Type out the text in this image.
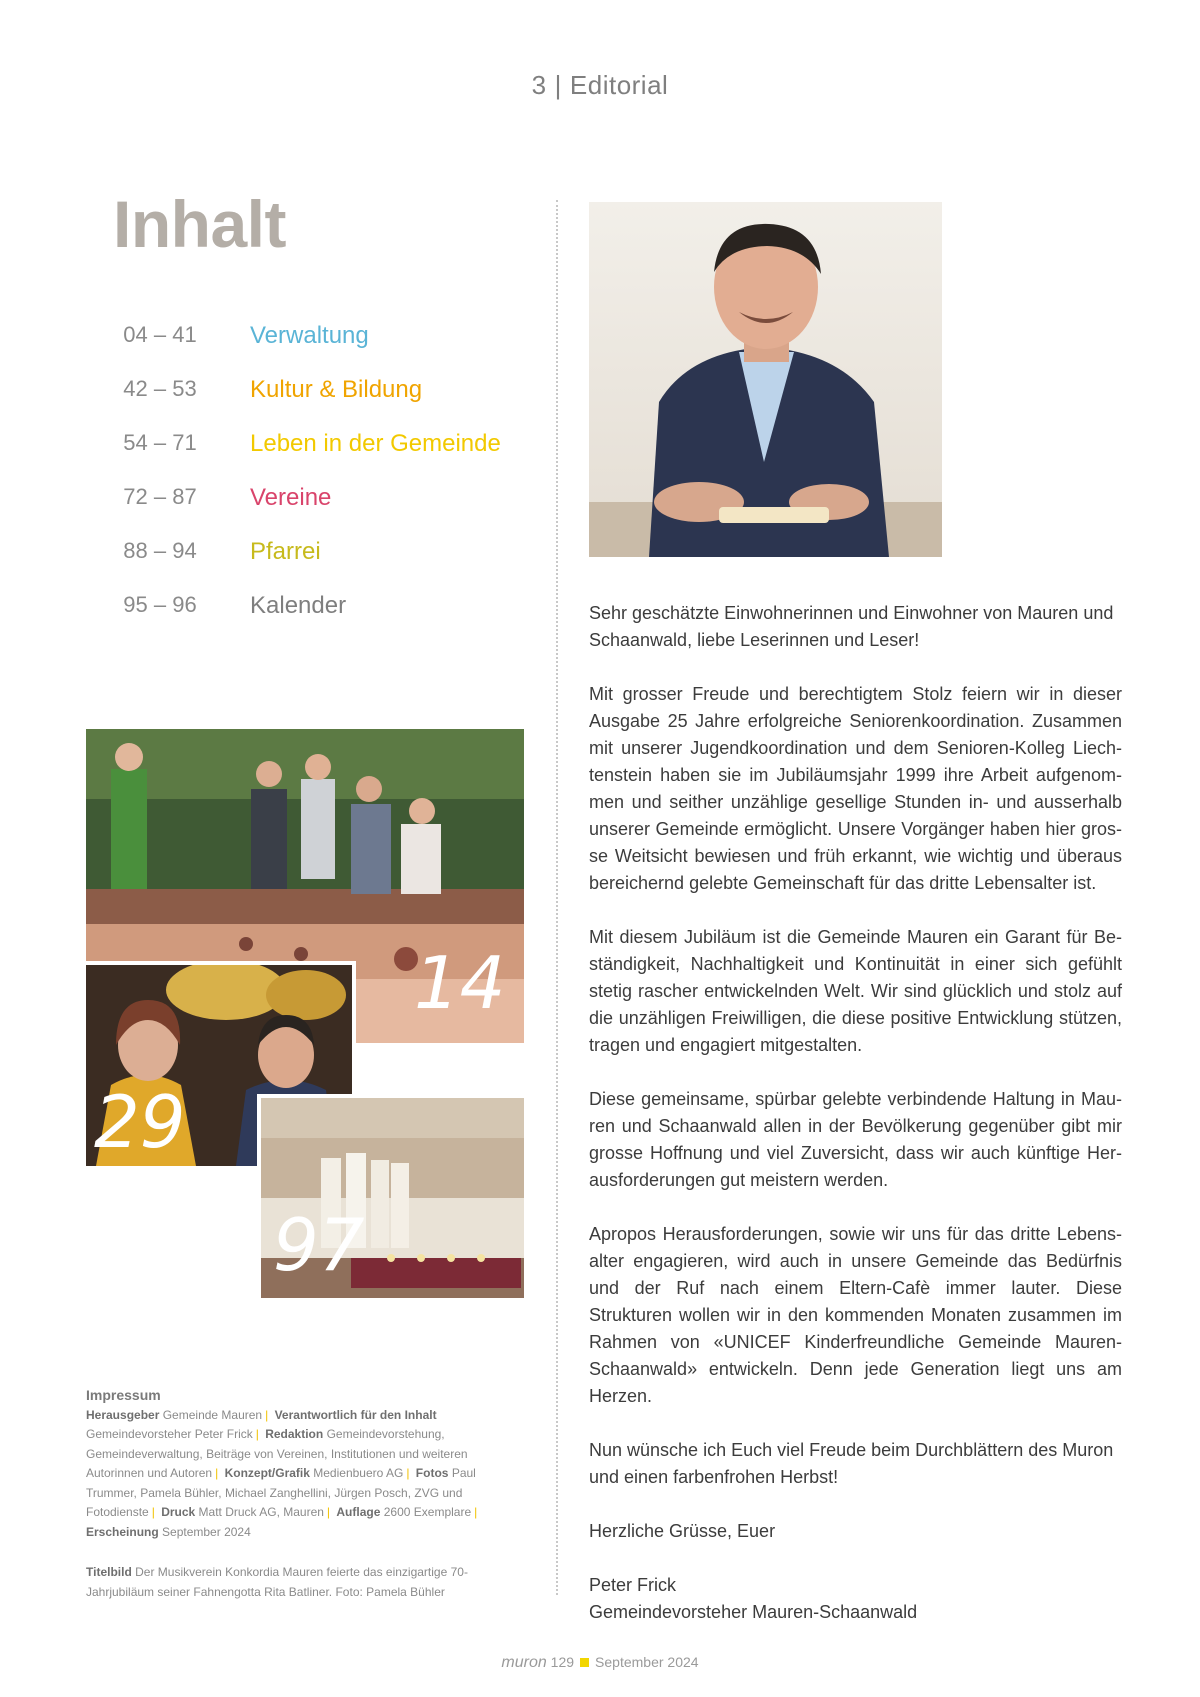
3 | Editorial
Inhalt
04 – 41	Verwaltung
42 – 53	Kultur & Bildung
54 – 71	Leben in der Gemeinde
72 – 87	Vereine
88 – 94	Pfarrei
95 – 96	Kalender
14
29
97
Impressum
Herausgeber Gemeinde Mauren | Verantwortlich für den Inhalt Gemeindevorsteher Peter Frick | Redaktion Gemeindevorstehung, Gemeindeverwaltung, Beiträge von Vereinen, Institutionen und weiteren Autorinnen und Autoren | Konzept/Grafik Medienbuero AG | Fotos Paul Trummer, Pamela Bühler, Michael Zanghellini, Jürgen Posch, ZVG und Fotodienste | Druck Matt Druck AG, Mauren | Auflage 2600 Exemplare | Erscheinung September 2024
Titelbild Der Musikverein Konkordia Mauren feierte das einzigartige 70-Jahrjubiläum seiner Fahnengotta Rita Batliner. Foto: Pamela Bühler

Sehr geschätzte Einwohnerinnen und Einwohner von Mauren und Schaanwald, liebe Leserinnen und Leser!

Mit grosser Freude und berechtigtem Stolz feiern wir in dieser Ausgabe 25 Jahre erfolgreiche Seniorenkoordination. Zusammen mit unserer Jugendkoordination und dem Senioren-Kolleg Liechtenstein haben sie im Jubiläumsjahr 1999 ihre Arbeit aufgenommen und seither unzählige gesellige Stunden in- und ausserhalb unserer Gemeinde ermöglicht. Unsere Vorgänger haben hier grosse Weitsicht bewiesen und früh erkannt, wie wichtig und überaus bereichernd gelebte Gemeinschaft für das dritte Lebensalter ist.

Mit diesem Jubiläum ist die Gemeinde Mauren ein Garant für Beständigkeit, Nachhaltigkeit und Kontinuität in einer sich gefühlt stetig rascher entwickelnden Welt. Wir sind glücklich und stolz auf die unzähligen Freiwilligen, die diese positive Entwicklung stützen, tragen und engagiert mitgestalten.

Diese gemeinsame, spürbar gelebte verbindende Haltung in Mauren und Schaanwald allen in der Bevölkerung gegenüber gibt mir grosse Hoffnung und viel Zuversicht, dass wir auch künftige Herausforderungen gut meistern werden.

Apropos Herausforderungen, sowie wir uns für das dritte Lebensalter engagieren, wird auch in unsere Gemeinde das Bedürfnis und der Ruf nach einem Eltern-Cafè immer lauter. Diese Strukturen wollen wir in den kommenden Monaten zusammen im Rahmen von «UNICEF Kinderfreundliche Gemeinde Mauren-Schaanwald» entwickeln. Denn jede Generation liegt uns am Herzen.

Nun wünsche ich Euch viel Freude beim Durchblättern des Muron und einen farbenfrohen Herbst!

Herzliche Grüsse, Euer

Peter Frick
Gemeindevorsteher Mauren-Schaanwald
muron 129 September 2024
